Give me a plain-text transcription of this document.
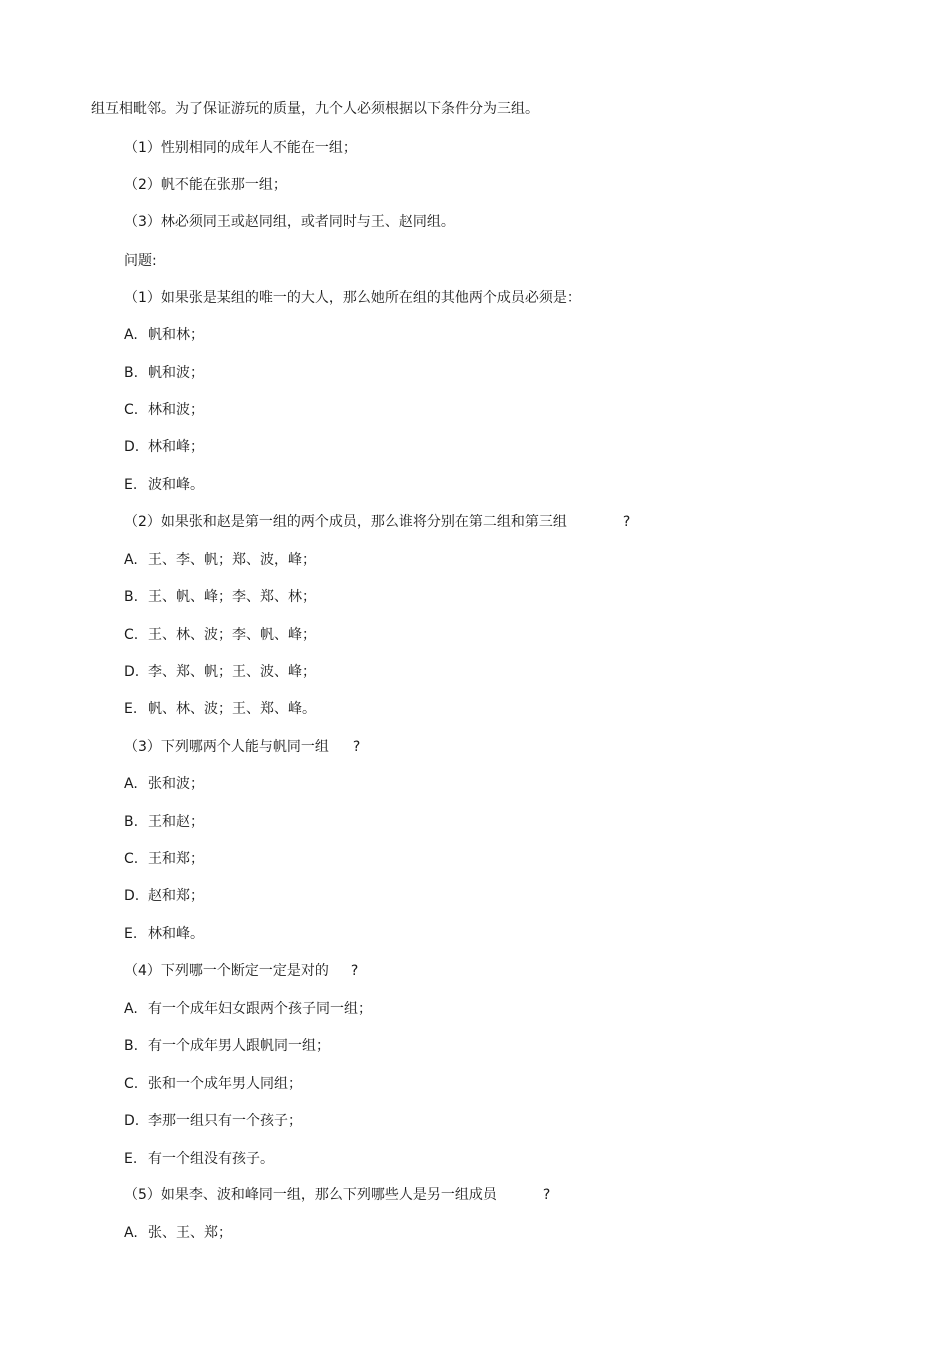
组互相毗邻。为了保证游玩的质量，九个人必须根据以下条件分为三组。
（1）性别相同的成年人不能在一组；
（2）帆不能在张那一组；
（3）林必须同王或赵同组，或者同时与王、赵同组。
问题:
（1）如果张是某组的唯一的大人，那么她所在组的其他两个成员必须是：
A. 帆和林；
B. 帆和波；
C. 林和波；
D. 林和峰；
E. 波和峰。
（2）如果张和赵是第一组的两个成员，那么谁将分别在第二组和第三组	?
A. 王、李、帆；郑、波，峰；
B. 王、帆、峰；李、郑、林；
C. 王、林、波；李、帆、峰；
D. 李、郑、帆；王、波、峰；
E. 帆、林、波；王、郑、峰。
（3）下列哪两个人能与帆同一组 ?
A. 张和波；
B. 王和赵；
C. 王和郑；
D. 赵和郑；
E. 林和峰。
（4）下列哪一个断定一定是对的 ?
A. 有一个成年妇女跟两个孩子同一组；
B. 有一个成年男人跟帆同一组；
C. 张和一个成年男人同组；
D. 李那一组只有一个孩子；
E. 有一个组没有孩子。
（5）如果李、波和峰同一组，那么下列哪些人是另一组成员	?
A. 张、王、郑；
